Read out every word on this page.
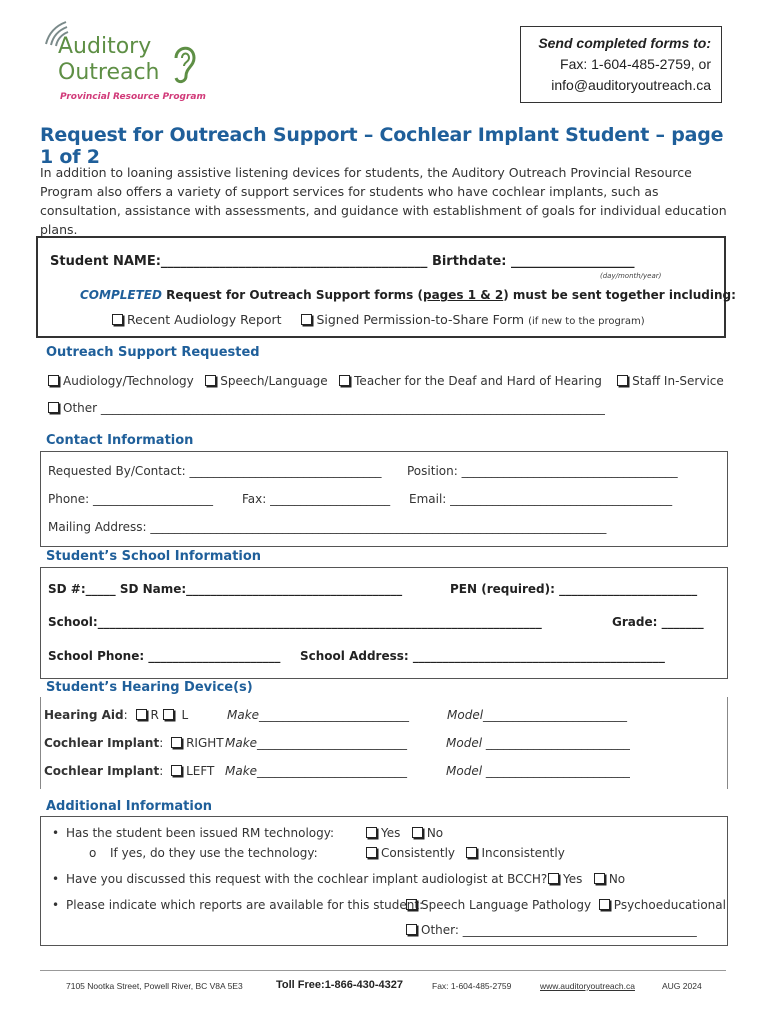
Auditory
Outreach
Provincial Resource Program
Send completed forms to:
Fax: 1-604-485-2759, or
info@auditoryoutreach.ca
Request for Outreach Support – Cochlear Implant Student – page 1 of 2
In addition to loaning assistive listening devices for students, the Auditory Outreach Provincial Resource Program also offers a variety of support services for students who have cochlear implants, such as consultation, assistance with assessments, and guidance with establishment of goals for individual education plans.
Student NAME:_________________________________________ Birthdate: ___________________
(day/month/year)
COMPLETED Request for Outreach Support forms (pages 1 & 2) must be sent together including:
Recent Audiology Report	Signed Permission-to-Share Form (if new to the program)
Outreach Support Requested
Audiology/Technology Speech/Language Teacher for the Deaf and Hard of Hearing	Staff In-Service
Other ____________________________________________________________________________________
Contact Information
Requested By/Contact: ________________________________ Position: ____________________________________
Phone: ____________________ Fax: ____________________ Email: _____________________________________
Mailing Address: ____________________________________________________________________________
Student’s School Information
SD #:_____ SD Name:____________________________________	PEN (required): _______________________
School:__________________________________________________________________________	Grade: _______
School Phone: ______________________ School Address: __________________________________________
Student’s Hearing Device(s)
Hearing Aid: R L	Make_________________________	Model________________________
Cochlear Implant: RIGHT Make_________________________	Model ________________________
Cochlear Implant: LEFT Make_________________________	Model ________________________
Additional Information
• Has the student been issued RM technology:	Yes No
o If yes, do they use the technology:	Consistently Inconsistently
• Have you discussed this request with the cochlear implant audiologist at BCCH?	Yes No
• Please indicate which reports are available for this student:
Speech Language Pathology Psychoeducational
Other: _______________________________________
7105 Nootka Street, Powell River, BC V8A 5E3	Toll Free:1-866-430-4327	Fax: 1-604-485-2759	www.auditoryoutreach.ca	AUG 2024
